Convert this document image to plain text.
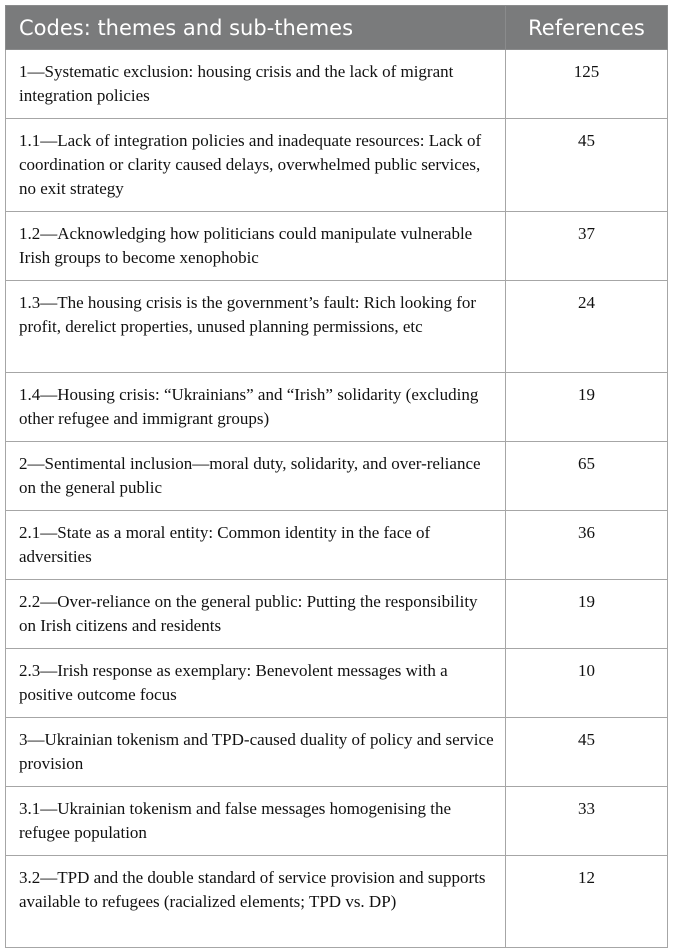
Codes: themes and sub-themes	References
1—Systematic exclusion: housing crisis and the lack of migrant integration policies	125
1.1—Lack of integration policies and inadequate resources: Lack of coordination or clarity caused delays, overwhelmed public services, no exit strategy	45
1.2—Acknowledging how politicians could manipulate vulnerable Irish groups to become xenophobic	37
1.3—The housing crisis is the government’s fault: Rich looking for profit, derelict properties, unused planning permissions, etc	24
1.4—Housing crisis: “Ukrainians” and “Irish” solidarity (excluding other refugee and immigrant groups)	19
2—Sentimental inclusion—moral duty, solidarity, and over-reliance on the general public	65
2.1—State as a moral entity: Common identity in the face of adversities	36
2.2—Over-reliance on the general public: Putting the responsibility on Irish citizens and residents	19
2.3—Irish response as exemplary: Benevolent messages with a positive outcome focus	10
3—Ukrainian tokenism and TPD-caused duality of policy and service provision	45
3.1—Ukrainian tokenism and false messages homogenising the refugee population	33
3.2—TPD and the double standard of service provision and supports available to refugees (racialized elements; TPD vs. DP)	12
